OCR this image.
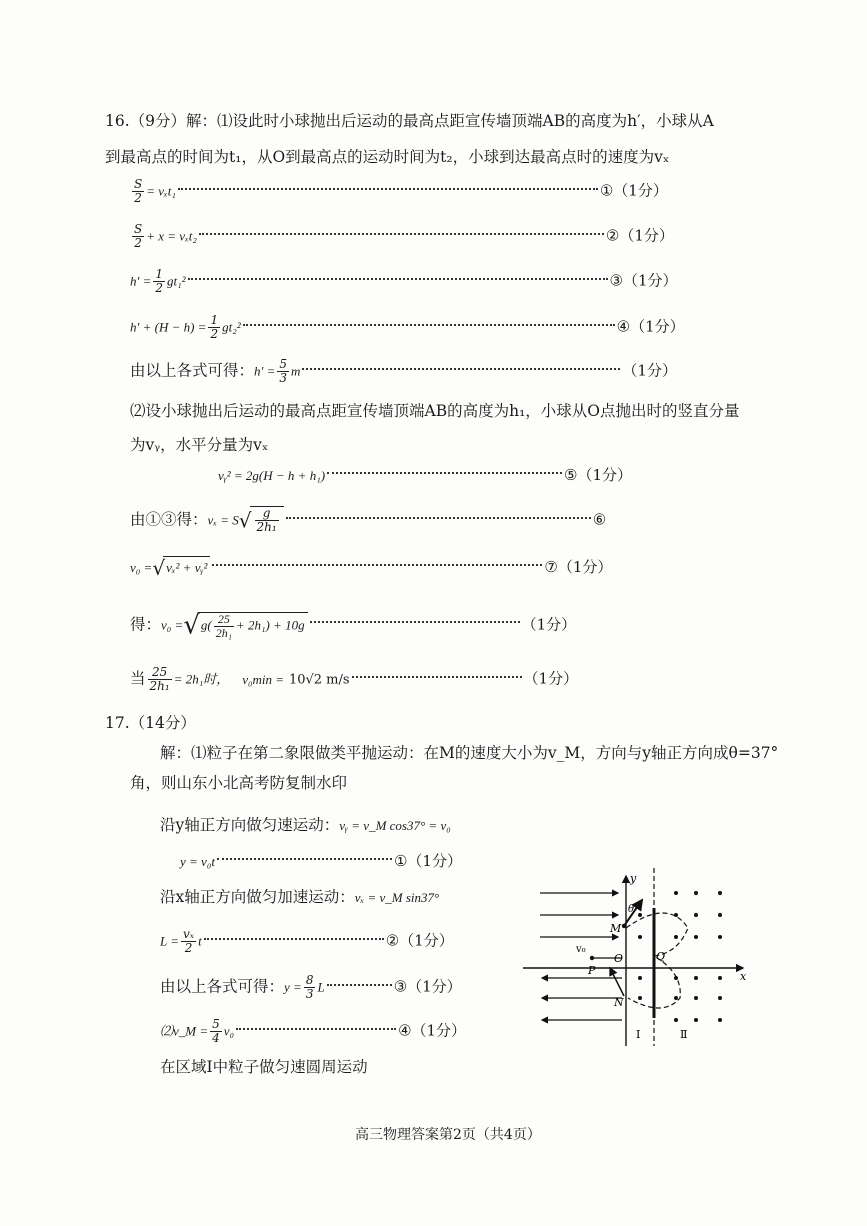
16.（9分）解：⑴设此时小球抛出后运动的最高点距宣传墙顶端AB的高度为h′，小球从A
到最高点的时间为t₁，从O到最高点的运动时间为t₂，小球到达最高点时的速度为vₓ
$\frac{S}{2} = v_xt_1$	①（1分）
$\frac{S}{2} + x = v_xt_2$	②（1分）
$h' = \frac{1}{2} gt_1^2$	③（1分）
$h' + (H - h) = \frac{1}{2} gt_2^2$	④（1分）
由以上各式可得：$h' = \frac{5}{3}$ m	（1分）
⑵设小球抛出后运动的最高点距宣传墙顶端AB的高度为h₁，小球从O点抛出时的竖直分量
为vᵧ，水平分量为vₓ
vᵧ² = 2g(H − h + h₁)	⑤（1分）
由①③得：$v_x = S√ \frac{g}{\text{2h₁}}$	⑥
v₀ =√vₓ² + vᵧ²	⑦（1分）
得：$v_0 =√g( \frac{25}{\text{2h₁}} + 2h_1) + 10g$	（1分）
当 $\frac{25}{\text{2h₁}} = 2h_1$时， v₀min = 10√2 m/s	（1分）
17.（14分）
解：⑴粒子在第二象限做类平抛运动：在M的速度大小为v_M，方向与y轴正方向成θ=37°
角，则山东小北高考防复制水印
沿y轴正方向做匀速运动：vᵧ = v_M cos37° = v₀
y = v₀t	①（1分）
沿x轴正方向做匀加速运动：vₓ = v_M sin37°
$L = \frac{\text{vₓ}}{2}$ t	②（1分）
由以上各式可得：$y = \frac{8}{3}$ L	③（1分）
⑵v_M = $\frac{5}{4} v_0$	④（1分）
在区域Ⅰ中粒子做匀速圆周运动
y
x
M
O
P
N
Q
v₀
θ
Ⅰ	Ⅱ
高三物理答案第2页（共4页）
